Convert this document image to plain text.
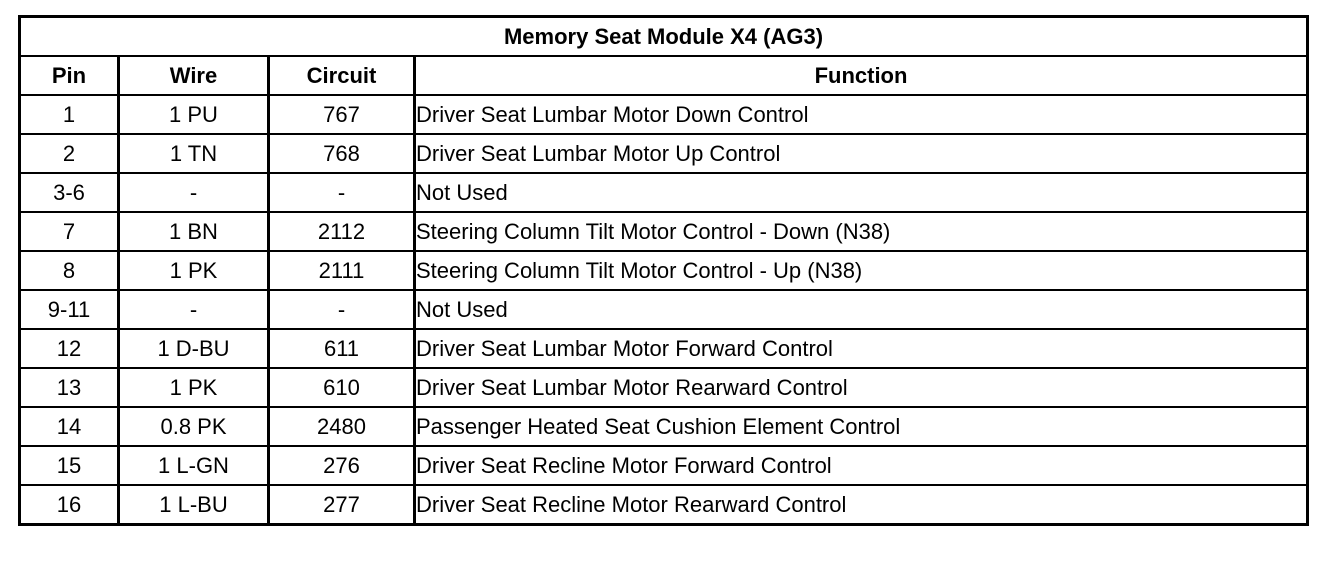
Memory Seat Module X4 (AG3)			
Pin	Wire	Circuit	Function
1	1 PU	767	Driver Seat Lumbar Motor Down Control
2	1 TN	768	Driver Seat Lumbar Motor Up Control
3-6	-	-	Not Used
7	1 BN	2112	Steering Column Tilt Motor Control - Down (N38)
8	1 PK	2111	Steering Column Tilt Motor Control - Up (N38)
9-11	-	-	Not Used
12	1 D-BU	611	Driver Seat Lumbar Motor Forward Control
13	1 PK	610	Driver Seat Lumbar Motor Rearward Control
14	0.8 PK	2480	Passenger Heated Seat Cushion Element Control
15	1 L-GN	276	Driver Seat Recline Motor Forward Control
16	1 L-BU	277	Driver Seat Recline Motor Rearward Control
